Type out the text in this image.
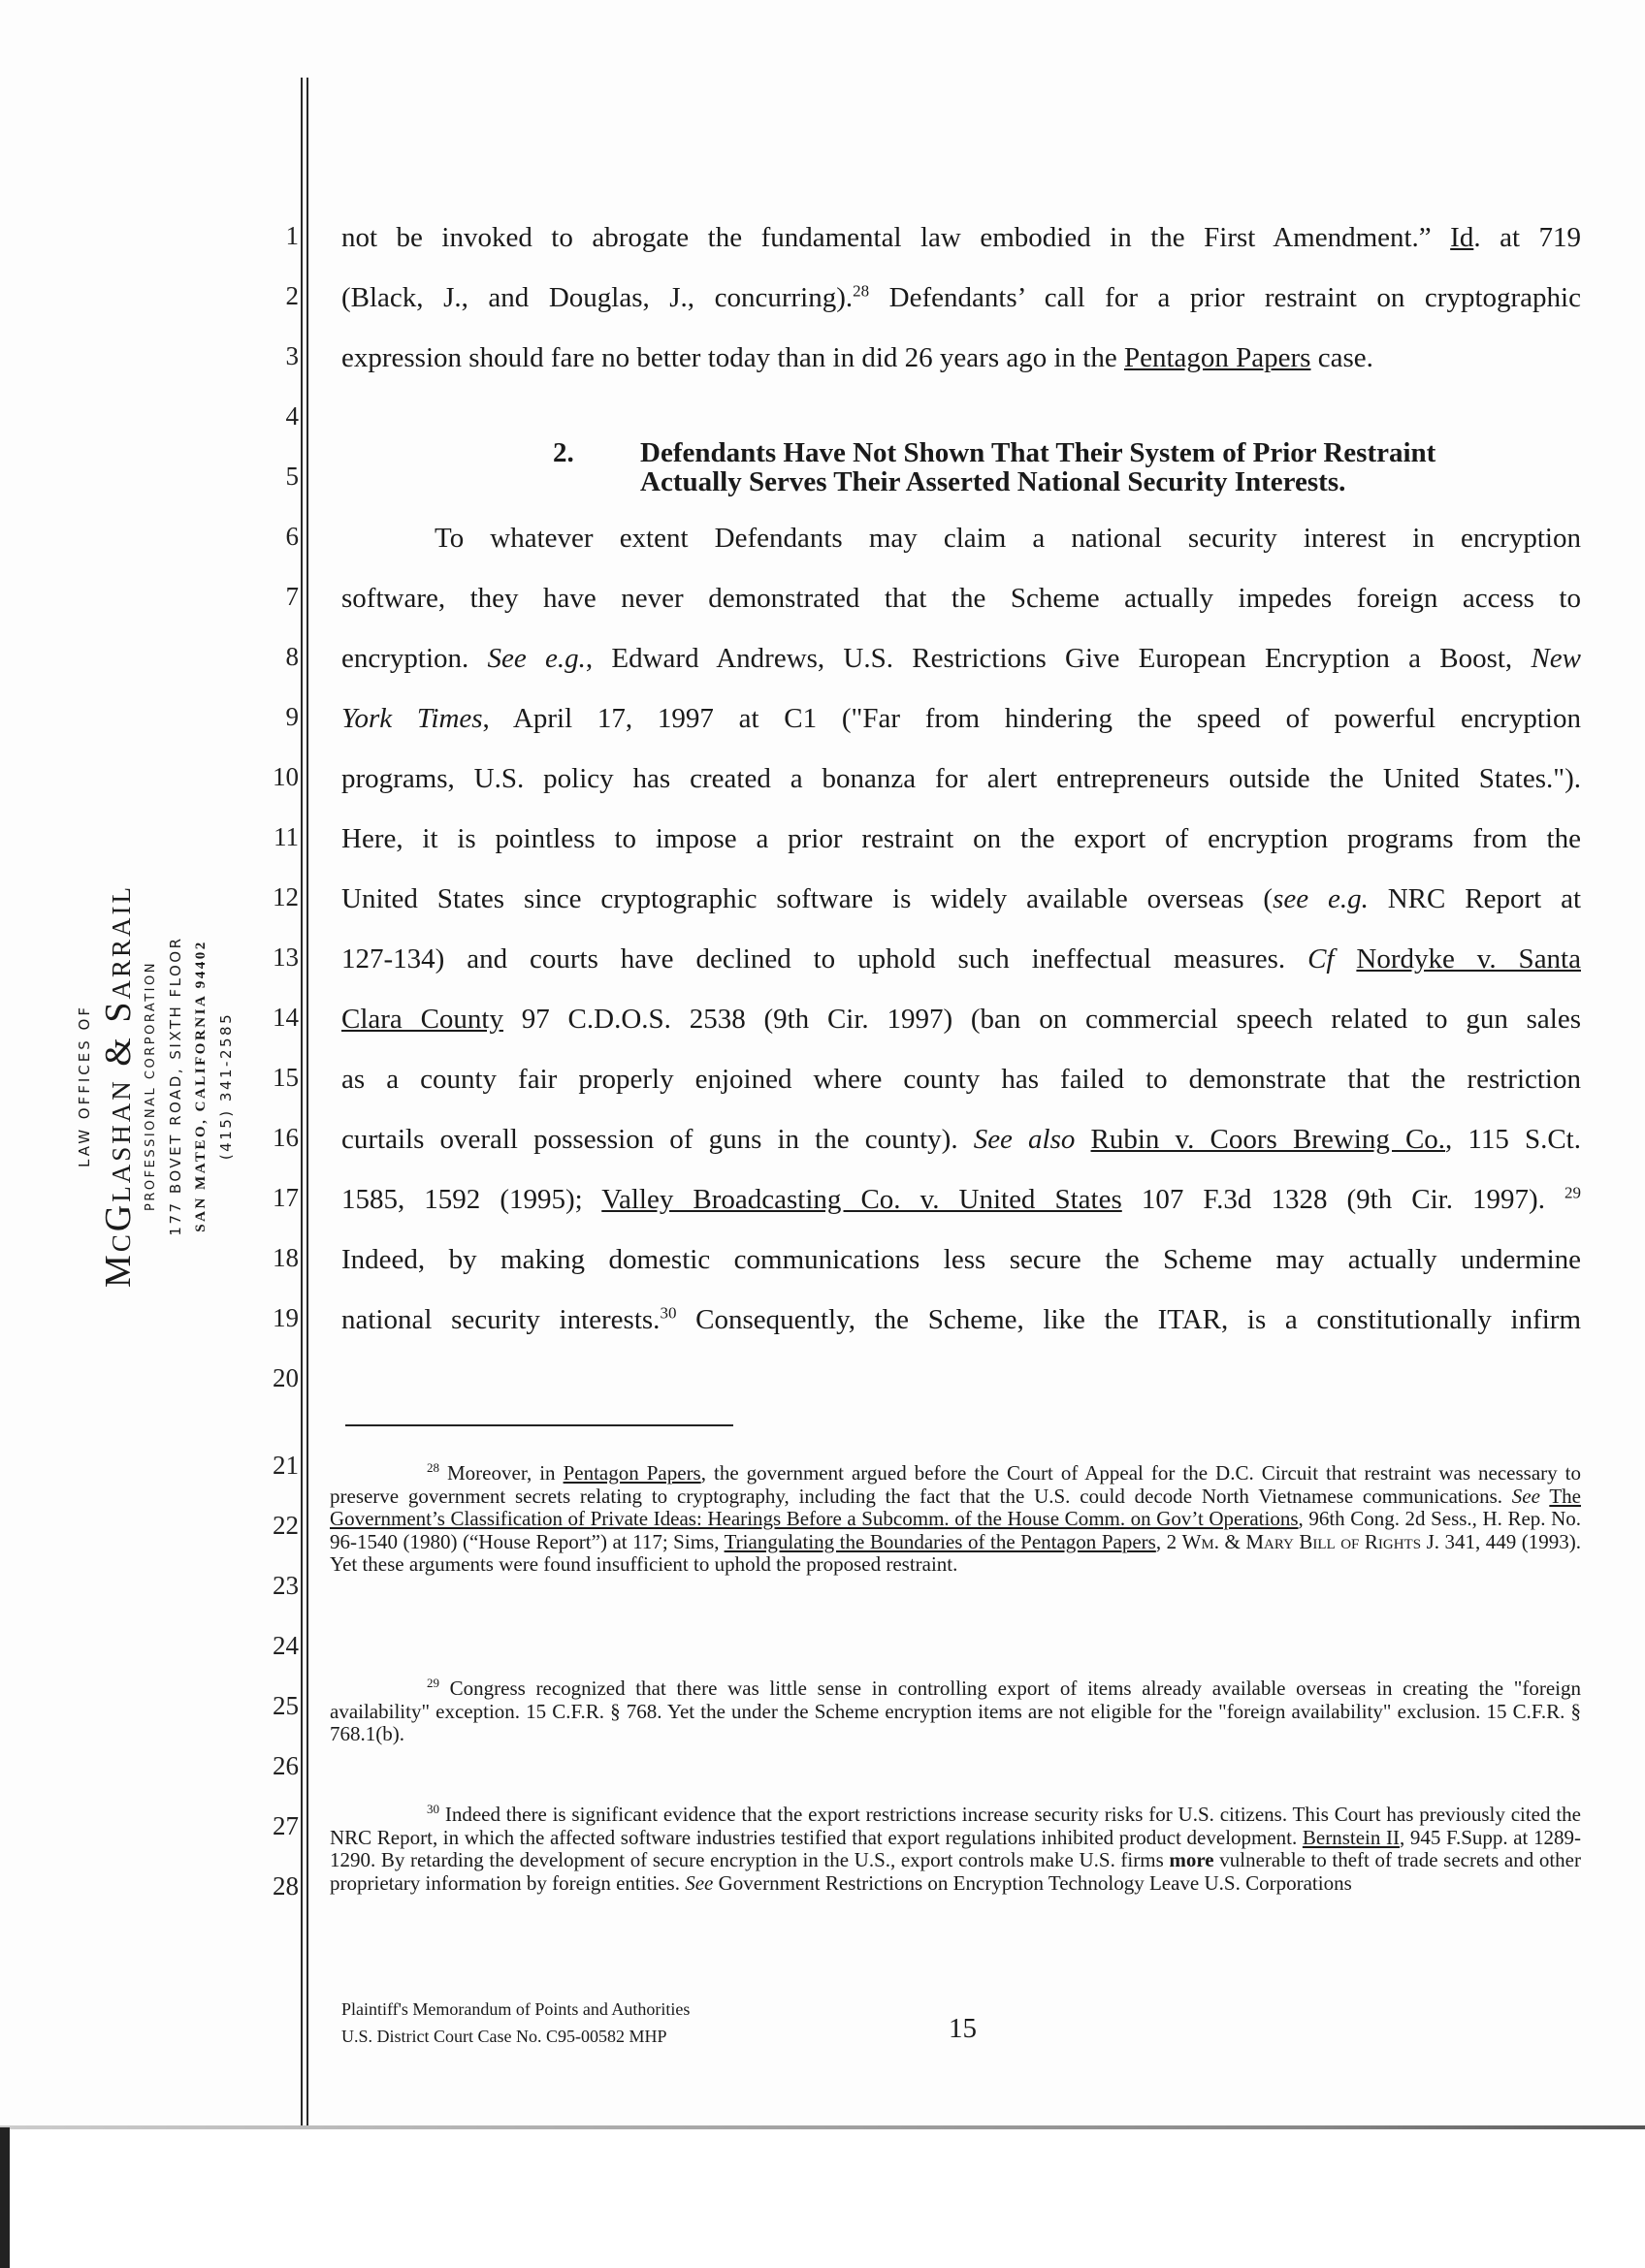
LAW OFFICES OF McGlashan & Sarrail PROFESSIONAL CORPORATION 177 BOVET ROAD, SIXTH FLOOR SAN MATEO, CALIFORNIA 94402 (415) 341-2585
1
2
3
4
5
6
7
8
9
10
11
12
13
14
15
16
17
18
19
20
21
22
23
24
25
26
27
28
not be invoked to abrogate the fundamental law embodied in the First Amendment.” Id. at 719
(Black, J., and Douglas, J., concurring).$^{28}$ Defendants’ call for a prior restraint on cryptographic
expression should fare no better today than in did 26 years ago in the Pentagon Papers case.
2. Defendants Have Not Shown That Their System of Prior Restraint
Actually Serves Their Asserted National Security Interests.
To whatever extent Defendants may claim a national security interest in encryption
software, they have never demonstrated that the Scheme actually impedes foreign access to
encryption. See e.g., Edward Andrews, U.S. Restrictions Give European Encryption a Boost, New
York Times, April 17, 1997 at C1 ("Far from hindering the speed of powerful encryption
programs, U.S. policy has created a bonanza for alert entrepreneurs outside the United States.").
Here, it is pointless to impose a prior restraint on the export of encryption programs from the
United States since cryptographic software is widely available overseas (see e.g. NRC Report at
127-134) and courts have declined to uphold such ineffectual measures. Cf Nordyke v. Santa
Clara County 97 C.D.O.S. 2538 (9th Cir. 1997) (ban on commercial speech related to gun sales
as a county fair properly enjoined where county has failed to demonstrate that the restriction
curtails overall possession of guns in the county). See also Rubin v. Coors Brewing Co., 115 S.Ct.
1585, 1592 (1995); Valley Broadcasting Co. v. United States 107 F.3d 1328 (9th Cir. 1997). $^{29}$
Indeed, by making domestic communications less secure the Scheme may actually undermine
national security interests.$^{30}$ Consequently, the Scheme, like the ITAR, is a constitutionally infirm
$^{28}$ Moreover, in Pentagon Papers, the government argued before the Court of Appeal for the D.C. Circuit that restraint was necessary to preserve government secrets relating to cryptography, including the fact that the U.S. could decode North Vietnamese communications. See The Government’s Classification of Private Ideas: Hearings Before a Subcomm. of the House Comm. on Gov’t Operations, 96th Cong. 2d Sess., H. Rep. No. 96-1540 (1980) (“House Report”) at 117; Sims, Triangulating the Boundaries of the Pentagon Papers, 2 Wm. & Mary Bill of Rights J. 341, 449 (1993). Yet these arguments were found insufficient to uphold the proposed restraint.
$^{29}$ Congress recognized that there was little sense in controlling export of items already available overseas in creating the "foreign availability" exception. 15 C.F.R. § 768. Yet the under the Scheme encryption items are not eligible for the "foreign availability" exclusion. 15 C.F.R. § 768.1(b).
$^{30}$ Indeed there is significant evidence that the export restrictions increase security risks for U.S. citizens. This Court has previously cited the NRC Report, in which the affected software industries testified that export regulations inhibited product development. Bernstein II, 945 F.Supp. at 1289-1290. By retarding the development of secure encryption in the U.S., export controls make U.S. firms more vulnerable to theft of trade secrets and other proprietary information by foreign entities. See Government Restrictions on Encryption Technology Leave U.S. Corporations
Plaintiff's Memorandum of Points and Authorities
U.S. District Court Case No. C95-00582 MHP	15
